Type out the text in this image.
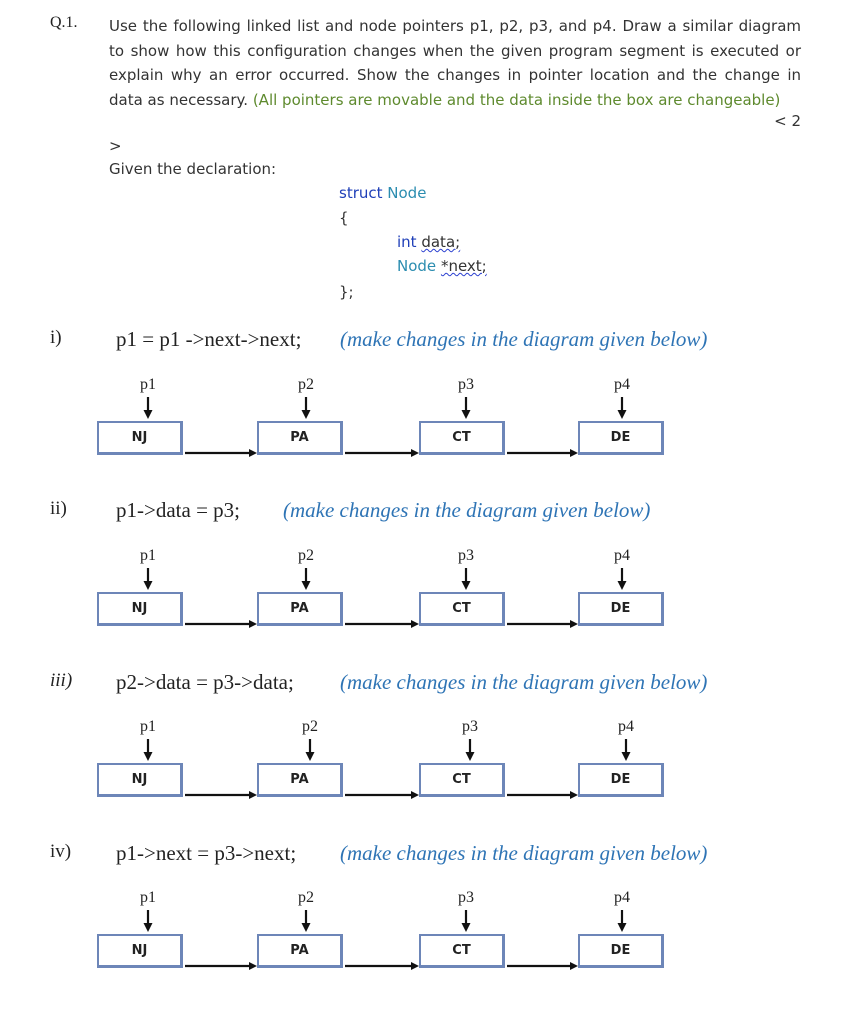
Q.1. Use the following linked list and node pointers p1, p2, p3, and p4. Draw a similar diagram to show how this configuration changes when the given program segment is executed or explain why an error occurred. Show the changes in pointer location and the change in data as necessary. (All pointers are movable and the data inside the box are changeable)

< 2
>
Given the declaration:
struct Node
{
int data;
Node *next;
};
i)	p1 = p1 ->next->next; (make changes in the diagram given below)
ii) p1->data = p3; (make changes in the diagram given below)
iii) p2->data = p3->data; (make changes in the diagram given below)
iv) p1->next = p3->next; (make changes in the diagram given below)
p1	p2	p3	p4
NJ	PA	CT	DE
p1	p2	p3	p4
NJ	PA	CT	DE
p1	p2	p3	p4
NJ	PA	CT	DE
p1	p2	p3	p4
NJ	PA	CT	DE
